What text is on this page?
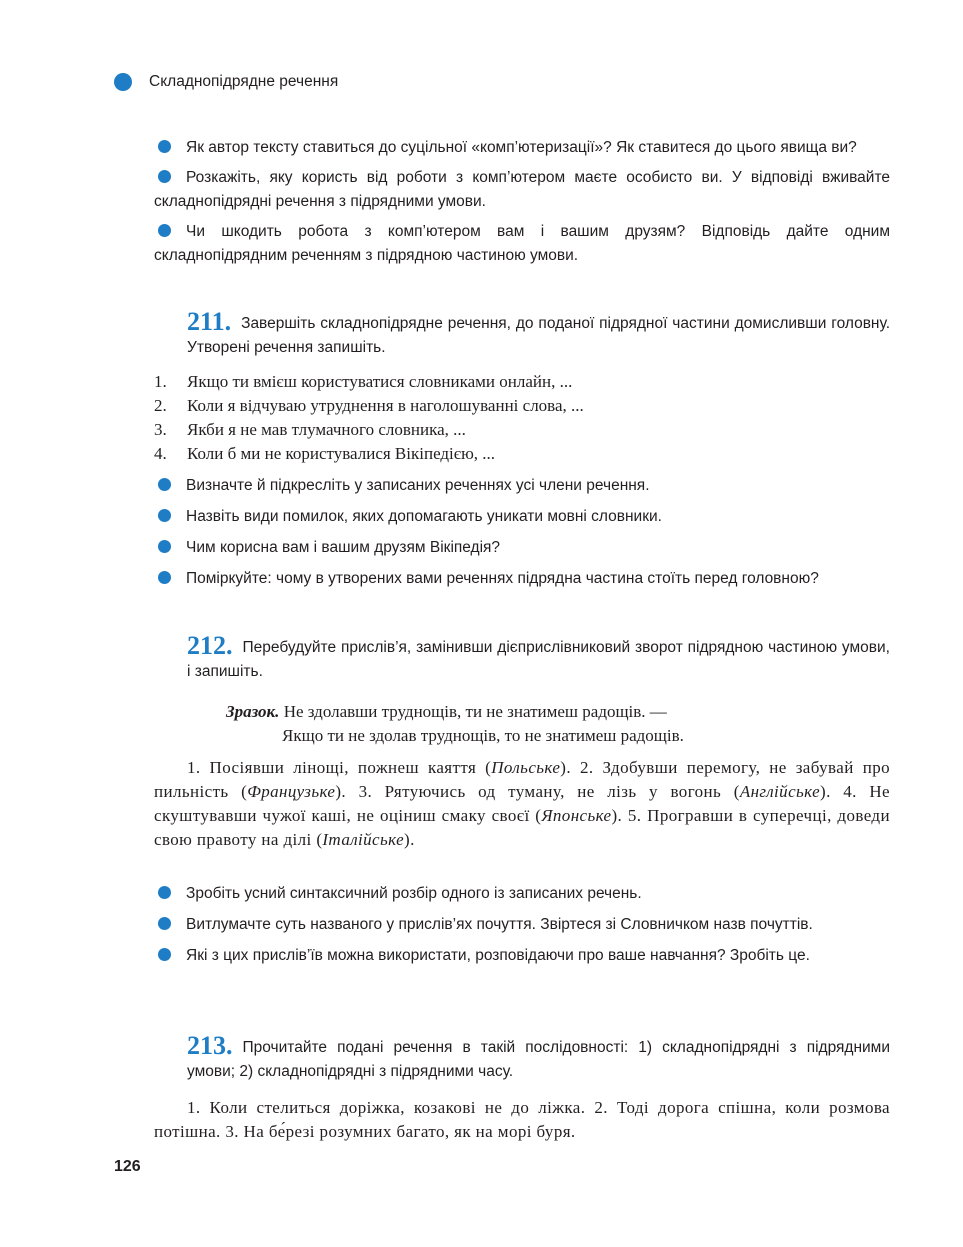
Складнопідрядне речення
Як автор тексту ставиться до суцільної «комп’ютеризації»? Як ставитеся до цього явища ви?
Розкажіть, яку користь від роботи з комп’ютером маєте особисто ви. У відповіді вживайте складнопідрядні речення з підрядними умови.
Чи шкодить робота з комп’ютером вам і вашим друзям? Відповідь дайте одним складнопідрядним реченням з підрядною частиною умови.
211. Завершіть складнопідрядне речення, до поданої підрядної частини домисливши головну. Утворені речення запишіть.
1. Якщо ти вмієш користуватися словниками онлайн, ...
2. Коли я відчуваю утруднення в наголошуванні слова, ...
3. Якби я не мав тлумачного словника, ...
4. Коли б ми не користувалися Вікіпедією, ...
Визначте й підкресліть у записаних реченнях усі члени речення.
Назвіть види помилок, яких допомагають уникати мовні словники.
Чим корисна вам і вашим друзям Вікіпедія?
Поміркуйте: чому в утворених вами реченнях підрядна частина стоїть перед головною?
212. Перебудуйте прислів’я, замінивши дієприслівниковий зворот підрядною частиною умови, і запишіть.
Зразок. Не здолавши труднощів, ти не знатимеш радощів. —
Якщо ти не здолав труднощів, то не знатимеш радощів.
1. Посіявши лінощі, пожнеш каяття (Польське). 2. Здобувши перемогу, не забувай про пильність (Французьке). 3. Рятуючись од туману, не лізь у вогонь (Англійське). 4. Не скуштувавши чужої каші, не оціниш смаку своєї (Японське). 5. Програвши в суперечці, доведи свою правоту на ділі (Італійське).
Зробіть усний синтаксичний розбір одного із записаних речень.
Витлумачте суть названого у прислів’ях почуття. Звіртеся зі Словничком назв почуттів.
Які з цих прислів’їв можна використати, розповідаючи про ваше навчання? Зробіть це.
213. Прочитайте подані речення в такій послідовності: 1) складнопідрядні з підрядними умови; 2) складнопідрядні з підрядними часу.
1. Коли стелиться доріжка, козакові не до ліжка. 2. Тоді дорога спішна, коли розмова потішна. 3. На бе́резі розумних багато, як на морі буря.
126
